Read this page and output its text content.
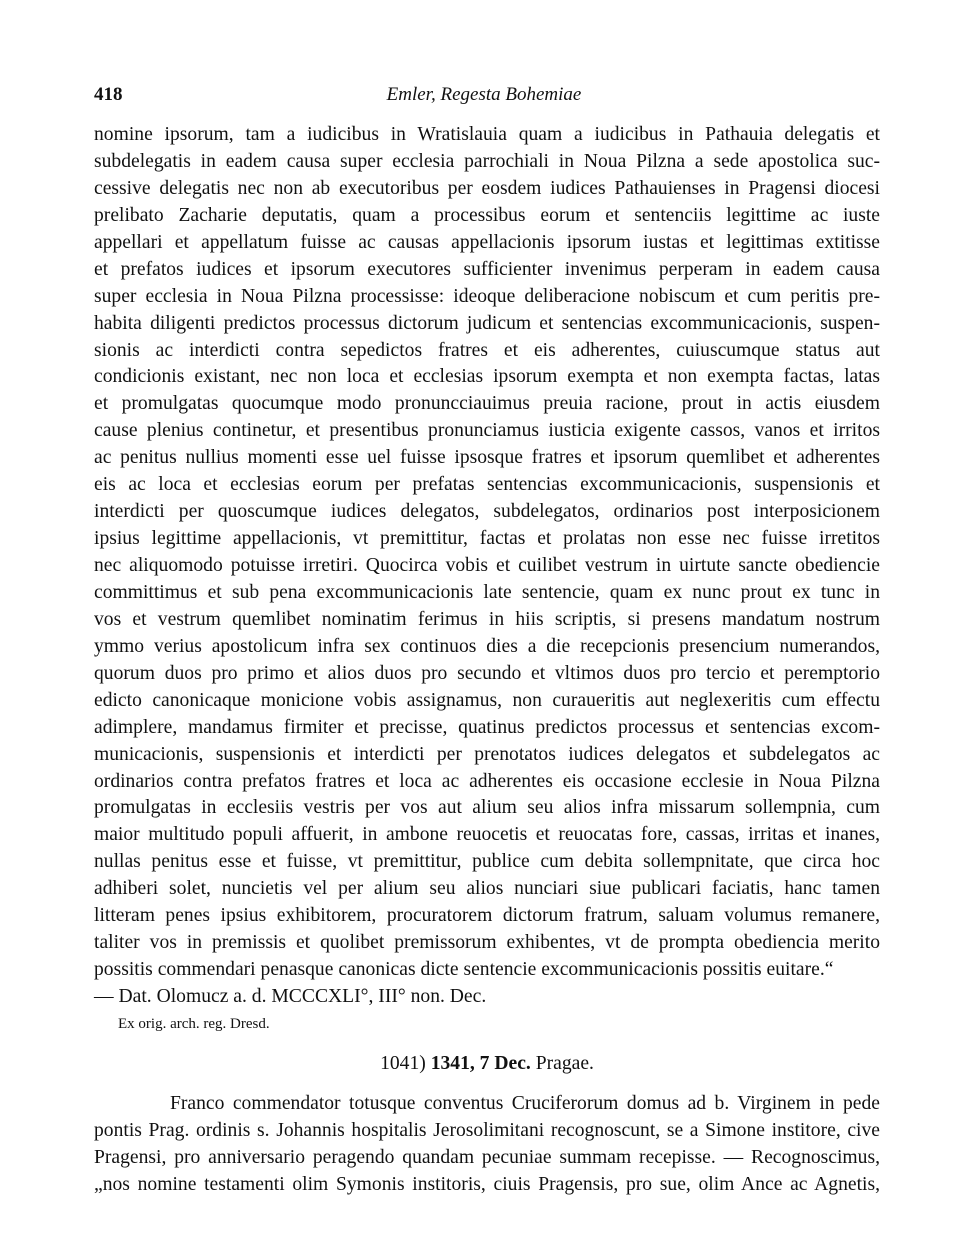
418	Emler, Regesta Bohemiae
nomine ipsorum, tam a iudicibus in Wratislauia quam a iudicibus in Pathauia delegatis et
subdelegatis in eadem causa super ecclesia parrochiali in Noua Pilzna a sede apostolica suc-
cessive delegatis nec non ab executoribus per eosdem iudices Pathauienses in Pragensi diocesi
prelibato Zacharie deputatis, quam a processibus eorum et sentenciis legittime ac iuste
appellari et appellatum fuisse ac causas appellacionis ipsorum iustas et legittimas extitisse
et prefatos iudices et ipsorum executores sufficienter invenimus perperam in eadem causa
super ecclesia in Noua Pilzna processisse: ideoque deliberacione nobiscum et cum peritis pre-
habita diligenti predictos processus dictorum judicum et sentencias excommunicacionis, suspen-
sionis ac interdicti contra sepedictos fratres et eis adherentes, cuiuscumque status aut
condicionis existant, nec non loca et ecclesias ipsorum exempta et non exempta factas, latas
et promulgatas quocumque modo pronuncciauimus preuia racione, prout in actis eiusdem
cause plenius continetur, et presentibus pronunciamus iusticia exigente cassos, vanos et irritos
ac penitus nullius momenti esse uel fuisse ipsosque fratres et ipsorum quemlibet et adherentes
eis ac loca et ecclesias eorum per prefatas sentencias excommunicacionis, suspensionis et
interdicti per quoscumque iudices delegatos, subdelegatos, ordinarios post interposicionem
ipsius legittime appellacionis, vt premittitur, factas et prolatas non esse nec fuisse irretitos
nec aliquomodo potuisse irretiri. Quocirca vobis et cuilibet vestrum in uirtute sancte obediencie
committimus et sub pena excommunicacionis late sentencie, quam ex nunc prout ex tunc in
vos et vestrum quemlibet nominatim ferimus in hiis scriptis, si presens mandatum nostrum
ymmo verius apostolicum infra sex continuos dies a die recepcionis presencium numerandos,
quorum duos pro primo et alios duos pro secundo et vltimos duos pro tercio et peremptorio
edicto canonicaque monicione vobis assignamus, non curaueritis aut neglexeritis cum effectu
adimplere, mandamus firmiter et precisse, quatinus predictos processus et sentencias excom-
municacionis, suspensionis et interdicti per prenotatos iudices delegatos et subdelegatos ac
ordinarios contra prefatos fratres et loca ac adherentes eis occasione ecclesie in Noua Pilzna
promulgatas in ecclesiis vestris per vos aut alium seu alios infra missarum sollempnia, cum
maior multitudo populi affuerit, in ambone reuocetis et reuocatas fore, cassas, irritas et inanes,
nullas penitus esse et fuisse, vt premittitur, publice cum debita sollempnitate, que circa hoc
adhiberi solet, nuncietis vel per alium seu alios nunciari siue publicari faciatis, hanc tamen
litteram penes ipsius exhibitorem, procuratorem dictorum fratrum, saluam volumus remanere,
taliter vos in premissis et quolibet premissorum exhibentes, vt de prompta obediencia merito
possitis commendari penasque canonicas dicte sentencie excommunicacionis possitis euitare.“
— Dat. Olomucz a. d. MCCCXLI°, III° non. Dec.
Ex orig. arch. reg. Dresd.
1041) 1341, 7 Dec. Pragae.
Franco commendator totusque conventus Cruciferorum domus ad b. Virginem in pede
pontis Prag. ordinis s. Johannis hospitalis Jerosolimitani recognoscunt, se a Simone institore, cive
Pragensi, pro anniversario peragendo quandam pecuniae summam recepisse. — Recognoscimus,
„nos nomine testamenti olim Symonis institoris, ciuis Pragensis, pro sue, olim Ance ac Agnetis,
